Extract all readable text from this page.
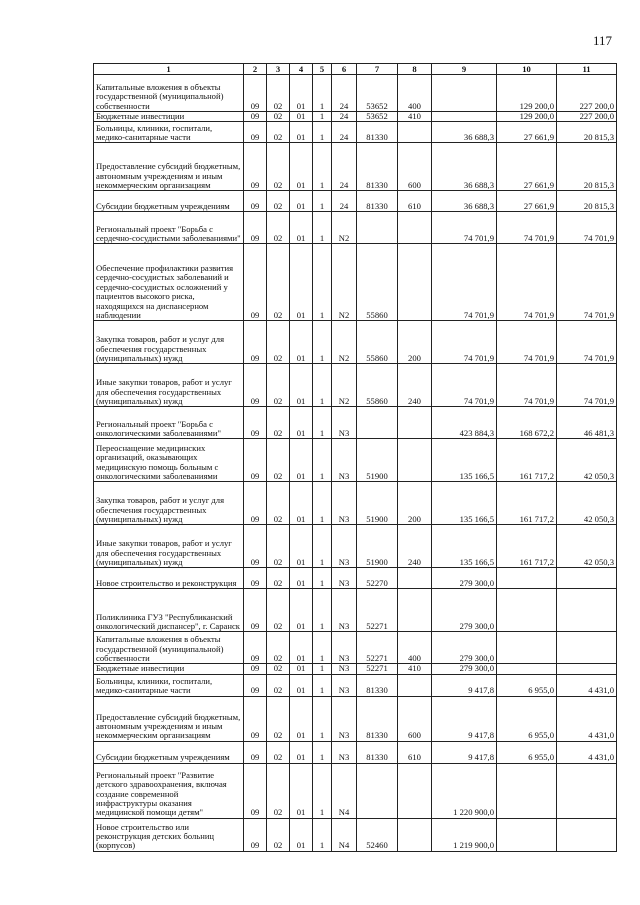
117
1	2	3	4	5	6	7	8	9	10	11
Капитальные вложения в объекты государственной (муниципальной) собственности	09	02	01	1	24	53652	400		129 200,0	227 200,0
Бюджетные инвестиции	09	02	01	1	24	53652	410		129 200,0	227 200,0
Больницы, клиники, госпитали, медико-санитарные части	09	02	01	1	24	81330		36 688,3	27 661,9	20 815,3
Предоставление субсидий бюджетным, автономным учреждениям и иным некоммерческим организациям	09	02	01	1	24	81330	600	36 688,3	27 661,9	20 815,3
Субсидии бюджетным учреждениям	09	02	01	1	24	81330	610	36 688,3	27 661,9	20 815,3
Региональный проект "Борьба с сердечно-сосудистыми заболеваниями"	09	02	01	1	N2			74 701,9	74 701,9	74 701,9
Обеспечение профилактики развития сердечно-сосудистых заболеваний и сердечно-сосудистых осложнений у пациентов высокого риска, находящихся на диспансерном наблюдении	09	02	01	1	N2	55860		74 701,9	74 701,9	74 701,9
Закупка товаров, работ и услуг для обеспечения государственных (муниципальных) нужд	09	02	01	1	N2	55860	200	74 701,9	74 701,9	74 701,9
Иные закупки товаров, работ и услуг для обеспечения государственных (муниципальных) нужд	09	02	01	1	N2	55860	240	74 701,9	74 701,9	74 701,9
Региональный проект "Борьба с онкологическими заболеваниями"	09	02	01	1	N3			423 884,3	168 672,2	46 481,3
Переоснащение медицинских организаций, оказывающих медицинскую помощь больным с онкологическими заболеваниями	09	02	01	1	N3	51900		135 166,5	161 717,2	42 050,3
Закупка товаров, работ и услуг для обеспечения государственных (муниципальных) нужд	09	02	01	1	N3	51900	200	135 166,5	161 717,2	42 050,3
Иные закупки товаров, работ и услуг для обеспечения государственных (муниципальных) нужд	09	02	01	1	N3	51900	240	135 166,5	161 717,2	42 050,3
Новое строительство и реконструкция	09	02	01	1	N3	52270		279 300,0		
Поликлиника ГУЗ "Республиканский онкологический диспансер", г. Саранск	09	02	01	1	N3	52271		279 300,0		
Капитальные вложения в объекты государственной (муниципальной) собственности	09	02	01	1	N3	52271	400	279 300,0		
Бюджетные инвестиции	09	02	01	1	N3	52271	410	279 300,0		
Больницы, клиники, госпитали, медико-санитарные части	09	02	01	1	N3	81330		9 417,8	6 955,0	4 431,0
Предоставление субсидий бюджетным, автономным учреждениям и иным некоммерческим организациям	09	02	01	1	N3	81330	600	9 417,8	6 955,0	4 431,0
Субсидии бюджетным учреждениям	09	02	01	1	N3	81330	610	9 417,8	6 955,0	4 431,0
Региональный проект "Развитие детского здравоохранения, включая создание современной инфраструктуры оказания медицинской помощи детям"	09	02	01	1	N4			1 220 900,0		
Новое строительство или реконструкция детских больниц (корпусов)	09	02	01	1	N4	52460		1 219 900,0		
